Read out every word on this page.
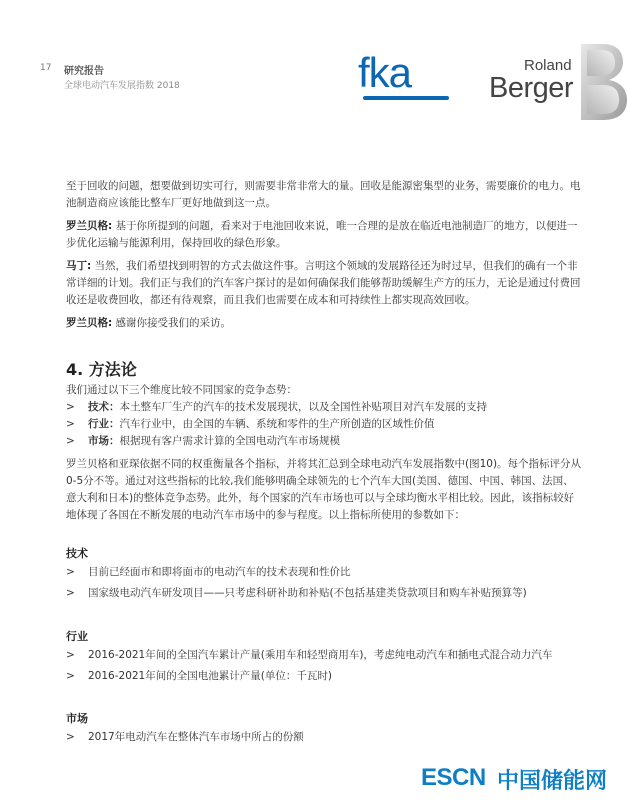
17 研究报告
全球电动汽车发展指数 2018	fka	Roland
Berger

至于回收的问题，想要做到切实可行，则需要非常非常大的量。回收是能源密集型的业务，需要廉价的电力。电池制造商应该能比整车厂更好地做到这一点。

罗兰贝格: 基于你所提到的问题，看来对于电池回收来说，唯一合理的是放在临近电池制造厂的地方，以便进一步优化运输与能源利用，保持回收的绿色形象。

马丁: 当然，我们希望找到明智的方式去做这件事。言明这个领域的发展路径还为时过早，但我们的确有一个非常详细的计划。我们正与我们的汽车客户探讨的是如何确保我们能够帮助缓解生产方的压力，无论是通过付费回收还是收费回收，都还有待观察，而且我们也需要在成本和可持续性上都实现高效回收。

罗兰贝格: 感谢你接受我们的采访。

4. 方法论
我们通过以下三个维度比较不同国家的竞争态势：
>	技术：本土整车厂生产的汽车的技术发展现状，以及全国性补贴项目对汽车发展的支持
>	行业：汽车行业中，由全国的车辆、系统和零件的生产所创造的区域性价值
>	市场：根据现有客户需求计算的全国电动汽车市场规模

罗兰贝格和亚琛依据不同的权重衡量各个指标，并将其汇总到全球电动汽车发展指数中(图10)。每个指标评分从0-5分不等。通过对这些指标的比较,我们能够明确全球领先的七个汽车大国(美国、德国、中国、韩国、法国、意大利和日本)的整体竞争态势。此外，每个国家的汽车市场也可以与全球均衡水平相比较。因此，该指标较好地体现了各国在不断发展的电动汽车市场中的参与程度。以上指标所使用的参数如下：

技术
>	目前已经面市和即将面市的电动汽车的技术表现和性价比
>	国家级电动汽车研发项目——只考虑科研补助和补贴(不包括基建类贷款项目和购车补贴预算等)
行业
>	2016-2021年间的全国汽车累计产量(乘用车和轻型商用车)，考虑纯电动汽车和插电式混合动力汽车
>	2016-2021年间的全国电池累计产量(单位：千瓦时)
市场
>	2017年电动汽车在整体汽车市场中所占的份额
ESCN 中国储能网
